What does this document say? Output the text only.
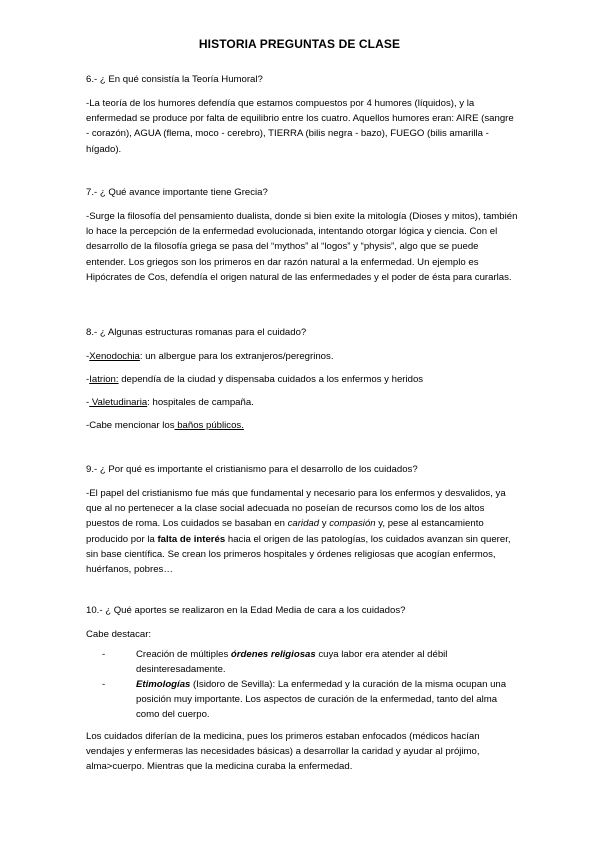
HISTORIA PREGUNTAS DE CLASE
6.- ¿ En qué consistía la Teoría Humoral?
-La teoría de los humores defendía que estamos compuestos por 4 humores (líquidos), y la enfermedad se produce por falta de equilibrio entre los cuatro. Aquellos humores eran: AIRE (sangre - corazón), AGUA (flema, moco - cerebro), TIERRA (bilis negra - bazo), FUEGO (bilis amarilla - hígado).
7.- ¿ Qué avance importante tiene Grecia?
-Surge la filosofía del pensamiento dualista, donde si bien exite la mitología (Dioses y mitos), también lo hace la percepción de la enfermedad evolucionada, intentando otorgar lógica y ciencia. Con el desarrollo de la filosofía griega se pasa del “mythos” al “logos” y “physis”, algo que se puede entender. Los griegos son los primeros en dar razón natural a la enfermedad. Un ejemplo es Hipócrates de Cos, defendía el origen natural de las enfermedades y el poder de ésta para curarlas.
8.- ¿ Algunas estructuras romanas para el cuidado?
-Xenodochia: un albergue para los extranjeros/peregrinos.
-Iatrion: dependía de la ciudad y dispensaba cuidados a los enfermos y heridos
- Valetudinaria: hospitales de campaña.
-Cabe mencionar los baños públicos.
9.- ¿ Por qué es importante el cristianismo para el desarrollo de los cuidados?
-El papel del cristianismo fue más que fundamental y necesario para los enfermos y desvalidos, ya que al no pertenecer a la clase social adecuada no poseían de recursos como los de los altos puestos de roma. Los cuidados se basaban en caridad y compasión y, pese al estancamiento producido por la falta de interés hacia el origen de las patologías, los cuidados avanzan sin querer, sin base científica. Se crean los primeros hospitales y órdenes religiosas que acogían enfermos, huérfanos, pobres…
10.- ¿ Qué aportes se realizaron en la Edad Media de cara a los cuidados?
Cabe destacar:
-	Creación de múltiples órdenes religiosas cuya labor era atender al débil desinteresadamente.
-	Etimologías (Isidoro de Sevilla): La enfermedad y la curación de la misma ocupan una posición muy importante. Los aspectos de curación de la enfermedad, tanto del alma como del cuerpo.
Los cuidados diferían de la medicina, pues los primeros estaban enfocados (médicos hacían vendajes y enfermeras las necesidades básicas) a desarrollar la caridad y ayudar al prójimo, alma>cuerpo. Mientras que la medicina curaba la enfermedad.
